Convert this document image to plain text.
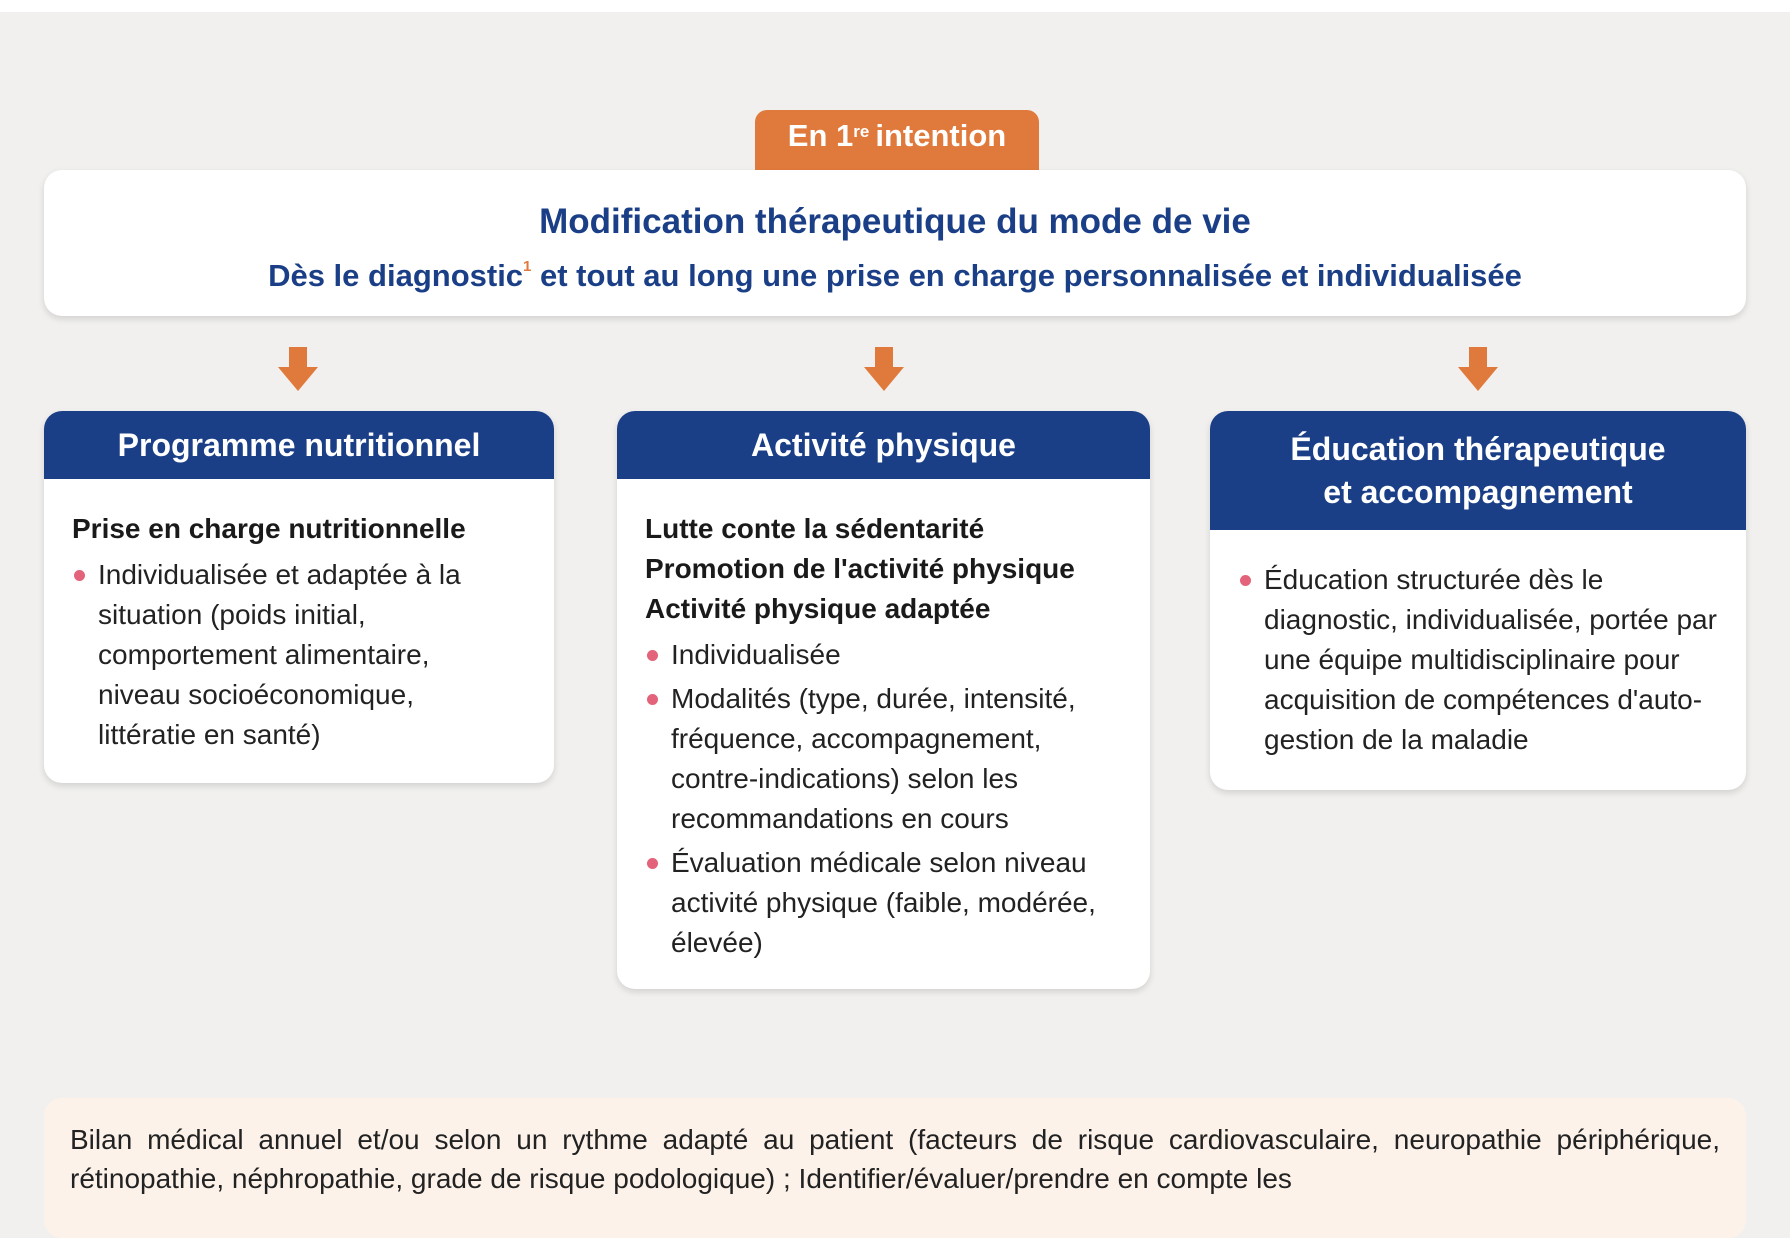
En 1re intention
Modification thérapeutique du mode de vie
Dès le diagnostic$^1$ et tout au long une prise en charge personnalisée et individualisée
Programme nutritionnel
Prise en charge nutritionnelle
Individualisée et adaptée à la situation (poids initial, comportement alimentaire, niveau socioéconomique, littératie en santé)
Activité physique
Lutte conte la sédentarité
Promotion de l'activité physique
Activité physique adaptée
Individualisée
Modalités (type, durée, intensité, fréquence, accompagnement, contre-indications) selon les recommandations en cours
Évaluation médicale selon niveau activité physique (faible, modérée, élevée)
Éducation thérapeutique
et accompagnement
Éducation structurée dès le diagnostic, individualisée, portée par une équipe multidisciplinaire pour acquisition de compétences d'auto-gestion de la maladie
Bilan médical annuel et/ou selon un rythme adapté au patient (facteurs de risque cardiovasculaire, neuropathie périphérique, rétinopathie, néphropathie, grade de risque podologique) ; Identifier/évaluer/prendre en compte les
